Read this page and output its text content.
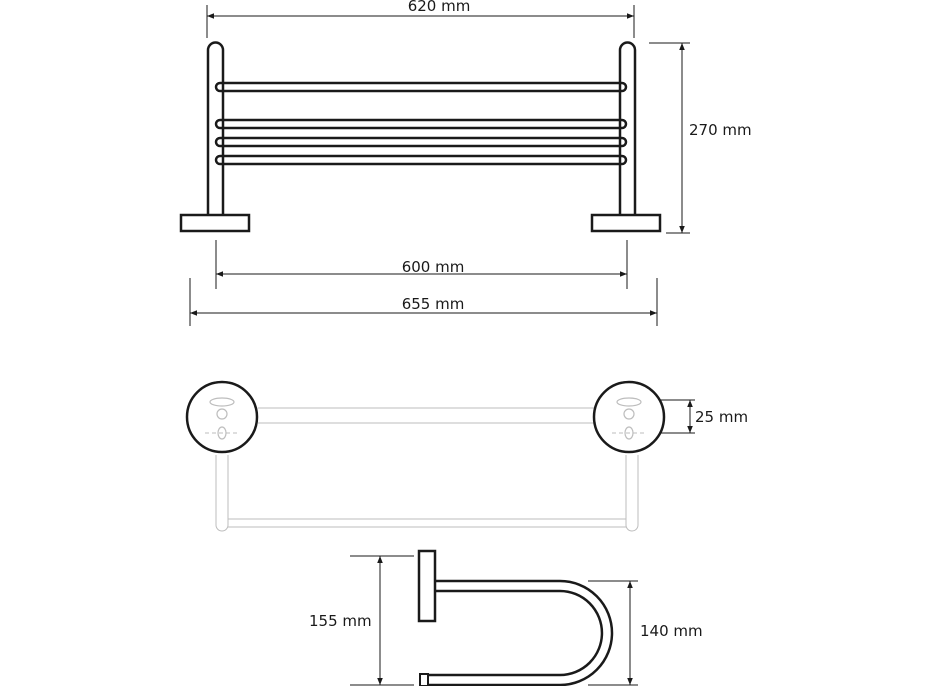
620 mm
270 mm
600 mm
655 mm
25 mm
155 mm
140 mm
